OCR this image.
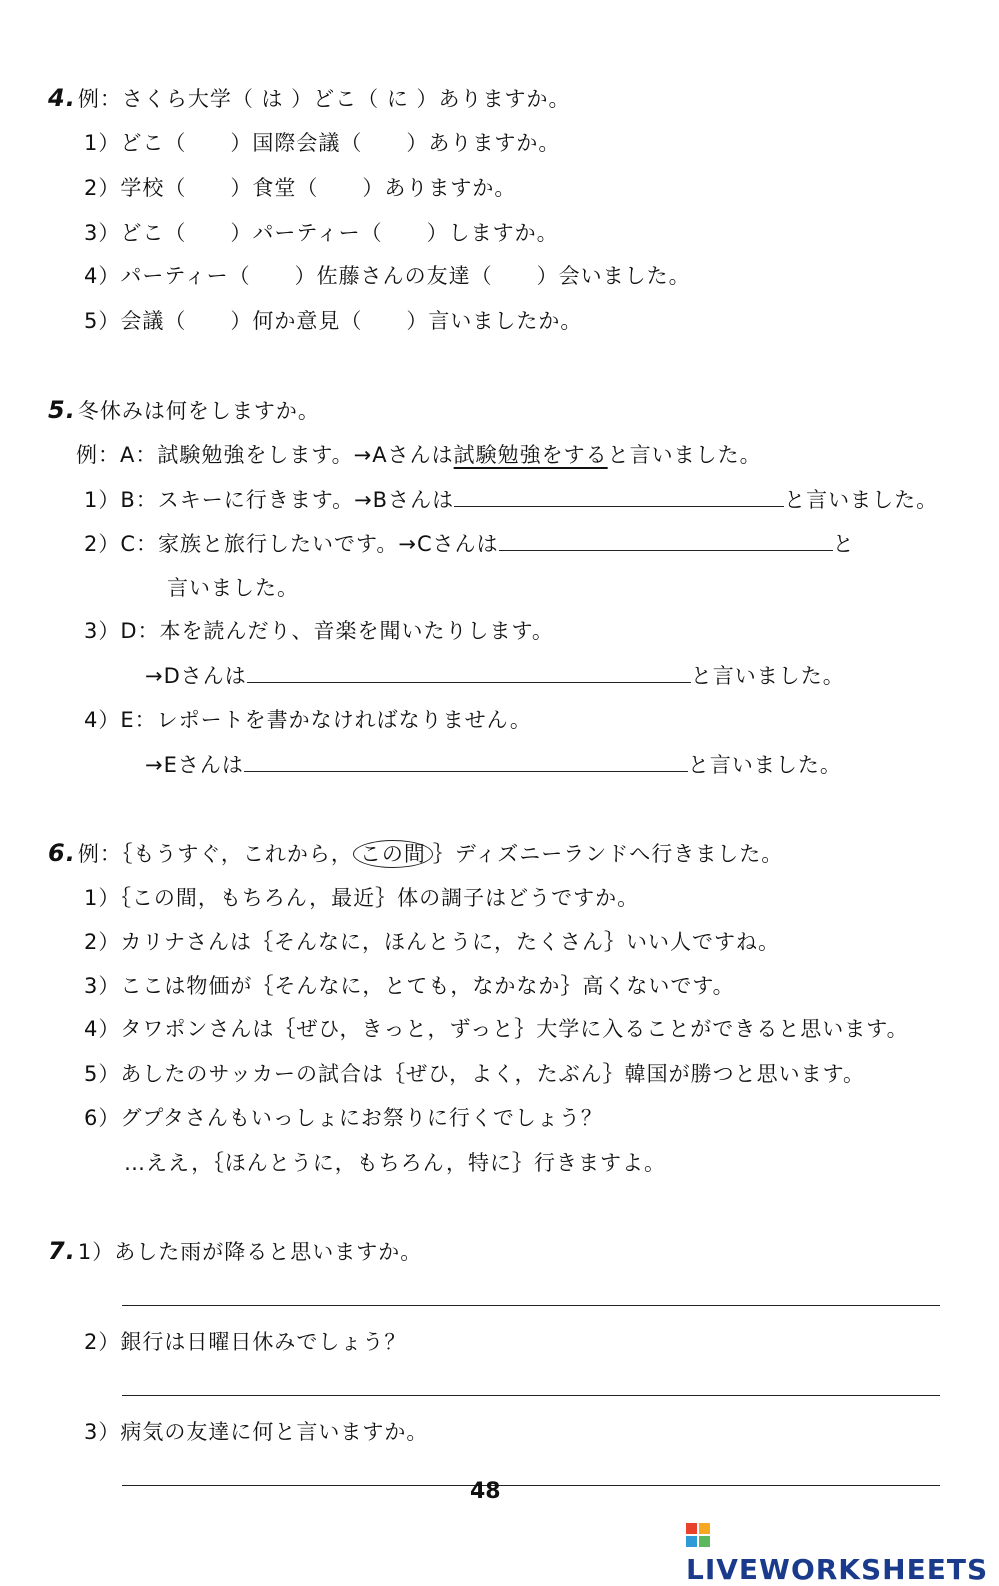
4.例：さくら大学（ は ）どこ（ に ）ありますか。
1）どこ（　　）国際会議（　　）ありますか。
2）学校（　　）食堂（　　）ありますか。
3）どこ（　　）パーティー（　　）しますか。
4）パーティー（　　）佐藤さんの友達（　　）会いました。
5）会議（　　）何か意見（　　）言いましたか。
5.冬休みは何をしますか。
例：A：試験勉強をします。→Aさんは試験勉強をすると言いました。
1）B：スキーに行きます。→Bさんは	と言いました。
2）C：家族と旅行したいです。→Cさんは	と
言いました。
3）D：本を読んだり、音楽を聞いたりします。
→Dさんは	と言いました。
4）E：レポートを書かなければなりません。
→Eさんは	と言いました。
6.例：｛もうすぐ，これから， この間 ｝ディズニーランドへ行きました。
1）｛この間，もちろん，最近｝体の調子はどうですか。
2）カリナさんは｛そんなに，ほんとうに，たくさん｝いい人ですね。
3）ここは物価が｛そんなに，とても，なかなか｝高くないです。
4）タワポンさんは｛ぜひ，きっと，ずっと｝大学に入ることができると思います。
5）あしたのサッカーの試合は｛ぜひ，よく，たぶん｝韓国が勝つと思います。
6）グプタさんもいっしょにお祭りに行くでしょう？
…ええ，｛ほんとうに，もちろん，特に｝行きますよ。
7.1）あした雨が降ると思いますか。
2）銀行は日曜日休みでしょう？
3）病気の友達に何と言いますか。
48
LIVEWORKSHEETS
